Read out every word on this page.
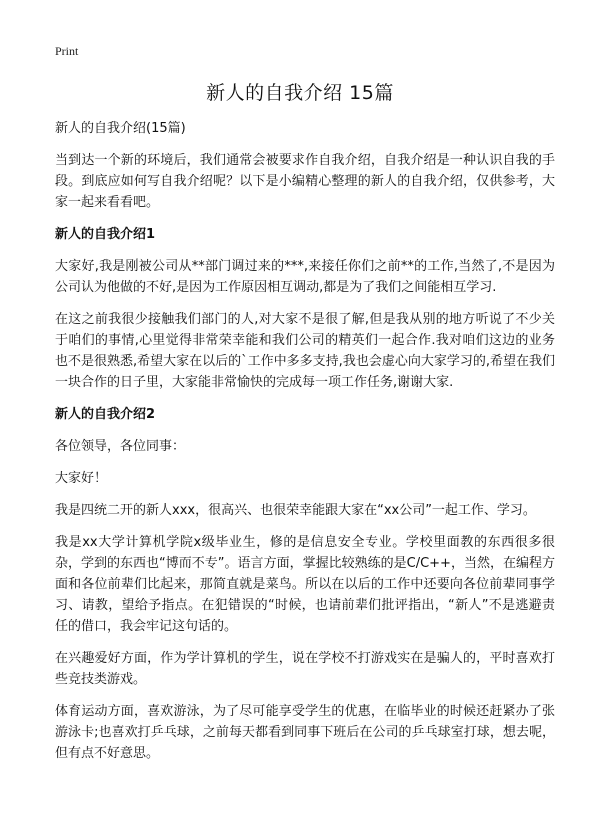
Print
新人的自我介绍 15篇

新人的自我介绍(15篇)

当到达一个新的环境后，我们通常会被要求作自我介绍，自我介绍是一种认识自我的手段。到底应如何写自我介绍呢？以下是小编精心整理的新人的自我介绍，仅供参考，大家一起来看看吧。

新人的自我介绍1

大家好,我是刚被公司从**部门调过来的***,来接任你们之前**的工作,当然了,不是因为公司认为他做的不好,是因为工作原因相互调动,都是为了我们之间能相互学习.

在这之前我很少接触我们部门的人,对大家不是很了解,但是我从别的地方听说了不少关于咱们的事情,心里觉得非常荣幸能和我们公司的精英们一起合作.我对咱们这边的业务也不是很熟悉,希望大家在以后的`工作中多多支持,我也会虚心向大家学习的,希望在我们一块合作的日子里，大家能非常愉快的完成每一项工作任务,谢谢大家.

新人的自我介绍2

各位领导，各位同事：

大家好！

我是四统二开的新人xxx，很高兴、也很荣幸能跟大家在“xx公司”一起工作、学习。

我是xx大学计算机学院x级毕业生，修的是信息安全专业。学校里面教的东西很多很杂，学到的东西也“博而不专”。语言方面，掌握比较熟练的是C/C++，当然，在编程方面和各位前辈们比起来，那简直就是菜鸟。所以在以后的工作中还要向各位前辈同事学习、请教，望给予指点。在犯错误的“时候，也请前辈们批评指出，“新人”不是逃避责任的借口，我会牢记这句话的。

在兴趣爱好方面，作为学计算机的学生，说在学校不打游戏实在是骗人的，平时喜欢打些竞技类游戏。

体育运动方面，喜欢游泳，为了尽可能享受学生的优惠，在临毕业的时候还赶紧办了张游泳卡;也喜欢打乒乓球，之前每天都看到同事下班后在公司的乒乓球室打球，想去呢，但有点不好意思。
